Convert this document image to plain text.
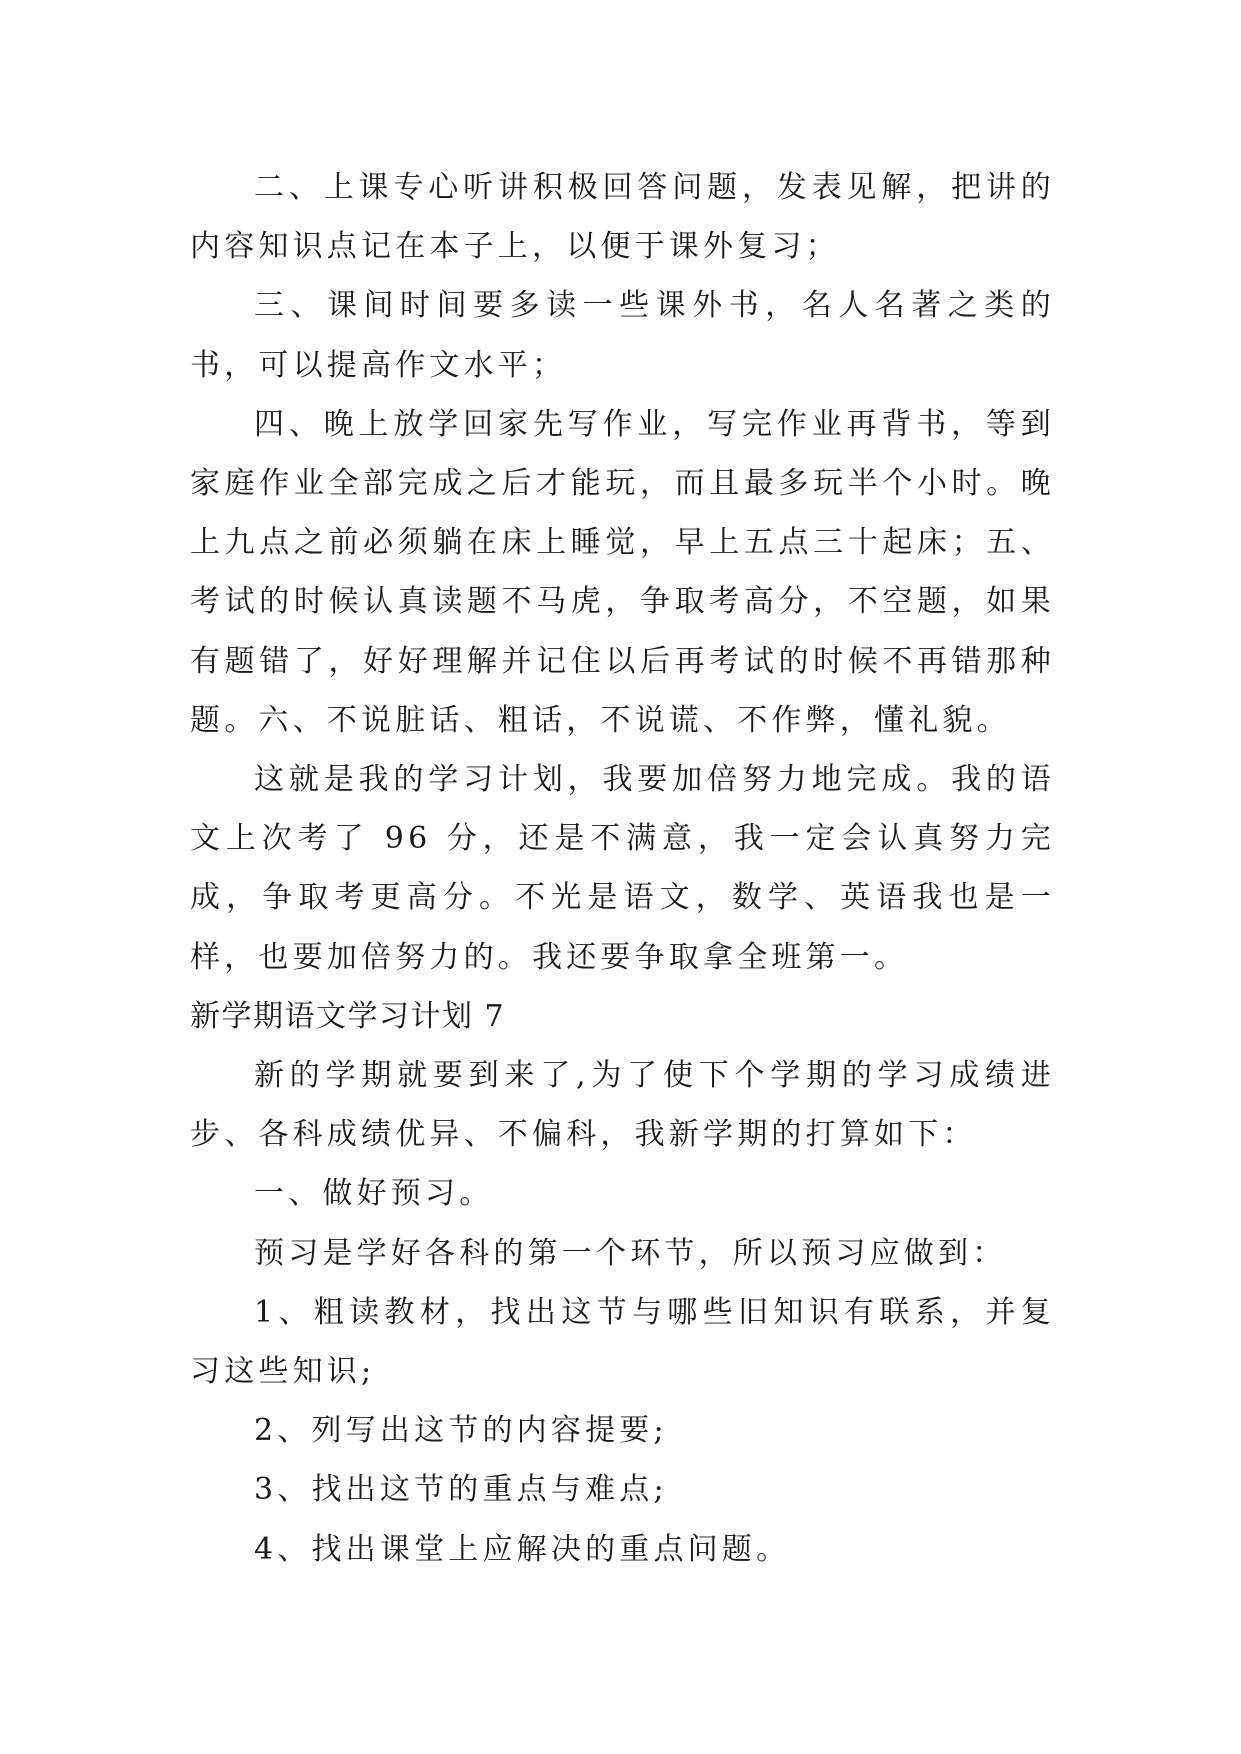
二、上课专心听讲积极回答问题，发表见解，把讲的内容知识点记在本子上，以便于课外复习；

三、课间时间要多读一些课外书，名人名著之类的书，可以提高作文水平；

四、晚上放学回家先写作业，写完作业再背书，等到家庭作业全部完成之后才能玩，而且最多玩半个小时。晚上九点之前必须躺在床上睡觉，早上五点三十起床；五、考试的时候认真读题不马虎，争取考高分，不空题，如果有题错了，好好理解并记住以后再考试的时候不再错那种题。六、不说脏话、粗话，不说谎、不作弊，懂礼貌。

这就是我的学习计划，我要加倍努力地完成。我的语文上次考了 96 分，还是不满意，我一定会认真努力完成，争取考更高分。不光是语文，数学、英语我也是一样，也要加倍努力的。我还要争取拿全班第一。

新学期语文学习计划 7

新的学期就要到来了,为了使下个学期的学习成绩进步、各科成绩优异、不偏科，我新学期的打算如下：

一、做好预习。

预习是学好各科的第一个环节，所以预习应做到：

1、粗读教材，找出这节与哪些旧知识有联系，并复习这些知识;

2、列写出这节的内容提要;

3、找出这节的重点与难点;

4、找出课堂上应解决的重点问题。
